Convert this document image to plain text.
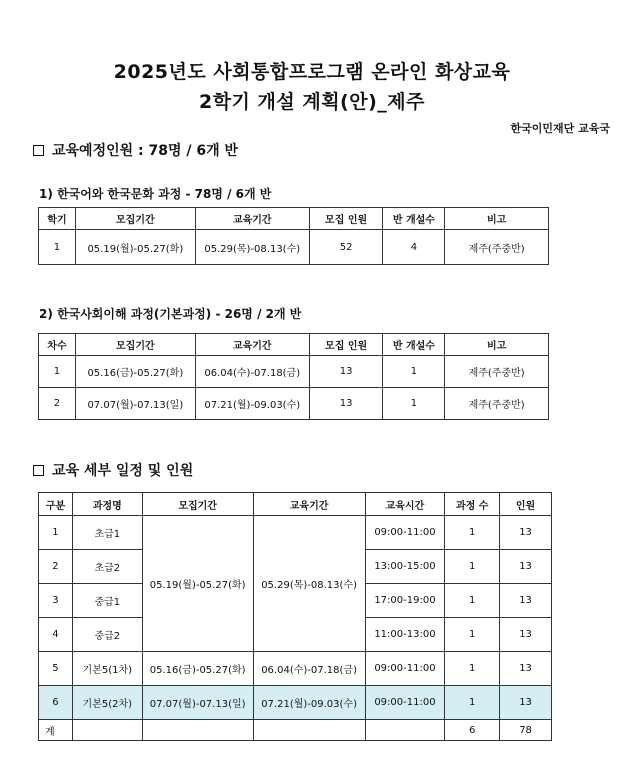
2025년도 사회통합프로그램 온라인 화상교육
2학기 개설 계획(안)_제주
한국이민재단 교육국
교육예정인원 : 78명 / 6개 반
1) 한국어와 한국문화 과정 - 78명 / 6개 반
학기	모집기간	교육기간	모집 인원	반 개설수	비고
1	05.19(월)-05.27(화)	05.29(목)-08.13(수)	52	4	제주(주중반)
2) 한국사회이해 과정(기본과정) - 26명 / 2개 반
차수	모집기간	교육기간	모집 인원	반 개설수	비고
1	05.16(금)-05.27(화)	06.04(수)-07.18(금)	13	1	제주(주중반)
2	07.07(월)-07.13(일)	07.21(월)-09.03(수)	13	1	제주(주중반)
교육 세부 일정 및 인원
구분	과정명	모집기간	교육기간	교육시간	과정 수	인원
1	초급1	05.19(월)-05.27(화)	05.29(목)-08.13(수)	09:00-11:00	1	13
2	초급2			13:00-15:00	1	13
3	중급1			17:00-19:00	1	13
4	중급2			11:00-13:00	1	13
5	기본5(1차)	05.16(금)-05.27(화)	06.04(수)-07.18(금)	09:00-11:00	1	13
6	기본5(2차)	07.07(월)-07.13(일)	07.21(월)-09.03(수)	09:00-11:00	1	13
계					6	78
